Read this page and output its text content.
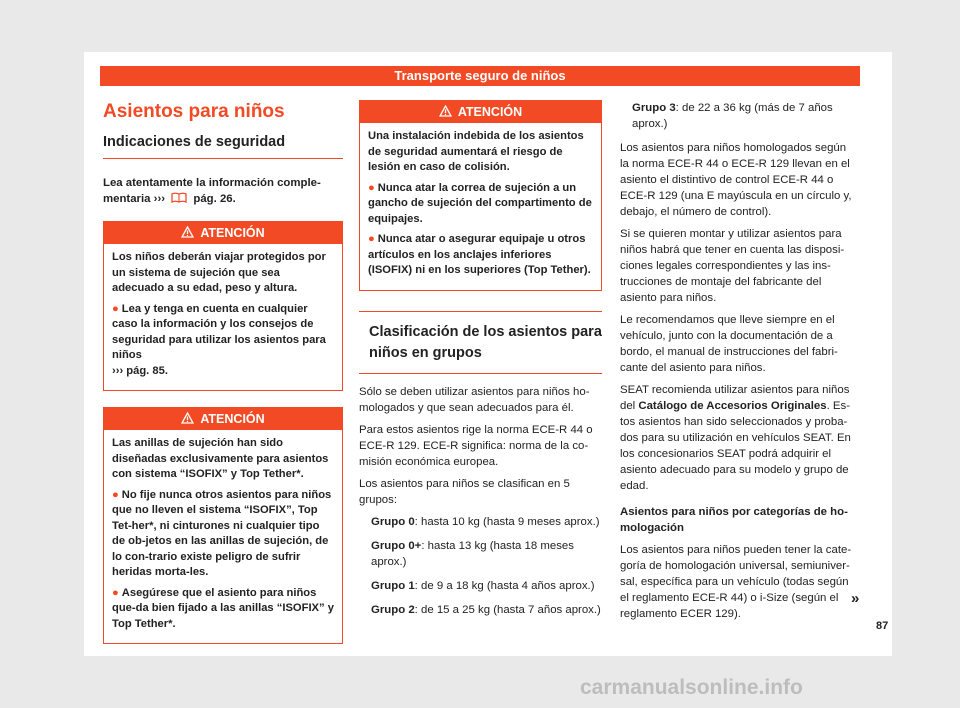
Transporte seguro de niños
Asientos para niños
Indicaciones de seguridad

Lea atentamente la información comple-mentaria ››› pág. 26.

ATENCIÓN

Los niños deberán viajar protegidos por un sistema de sujeción que sea adecuado a su edad, peso y altura.

● Lea y tenga en cuenta en cualquier caso la información y los consejos de seguridad para utilizar los asientos para niños
››› pág. 85.

ATENCIÓN

Las anillas de sujeción han sido diseñadas exclusivamente para asientos con sistema “ISOFIX” y Top Tether*.

● No fije nunca otros asientos para niños que no lleven el sistema “ISOFIX”, Top Tet-her*, ni cinturones ni cualquier tipo de ob-jetos en las anillas de sujeción, de lo con-trario existe peligro de sufrir heridas morta-les.

● Asegúrese que el asiento para niños que-da bien fijado a las anillas “ISOFIX” y Top Tether*.

ATENCIÓN

Una instalación indebida de los asientos de seguridad aumentará el riesgo de lesión en caso de colisión.

● Nunca atar la correa de sujeción a un gancho de sujeción del compartimento de equipajes.

● Nunca atar o asegurar equipaje u otros artículos en los anclajes inferiores (ISOFIX) ni en los superiores (Top Tether).

Clasificación de los asientos para niños en grupos

Sólo se deben utilizar asientos para niños ho-mologados y que sean adecuados para él.

Para estos asientos rige la norma ECE-R 44 o ECE-R 129. ECE-R significa: norma de la co-misión económica europea.

Los asientos para niños se clasifican en 5 grupos:

Grupo 0: hasta 10 kg (hasta 9 meses aprox.)

Grupo 0+: hasta 13 kg (hasta 18 meses aprox.)

Grupo 1: de 9 a 18 kg (hasta 4 años aprox.)

Grupo 2: de 15 a 25 kg (hasta 7 años aprox.)

Grupo 3: de 22 a 36 kg (más de 7 años aprox.)

Los asientos para niños homologados según la norma ECE-R 44 o ECE-R 129 llevan en el asiento el distintivo de control ECE-R 44 o ECE-R 129 (una E mayúscula en un círculo y, debajo, el número de control).

Si se quieren montar y utilizar asientos para niños habrá que tener en cuenta las disposi-ciones legales correspondientes y las ins-trucciones de montaje del fabricante del asiento para niños.

Le recomendamos que lleve siempre en el vehículo, junto con la documentación de a bordo, el manual de instrucciones del fabri-cante del asiento para niños.

SEAT recomienda utilizar asientos para niños del Catálogo de Accesorios Originales. Es-tos asientos han sido seleccionados y proba-dos para su utilización en vehículos SEAT. En los concesionarios SEAT podrá adquirir el asiento adecuado para su modelo y grupo de edad.

Asientos para niños por categorías de ho-mologación

Los asientos para niños pueden tener la cate-goría de homologación universal, semiuniver-sal, específica para un vehículo (todas según el reglamento ECE-R 44) o i-Size (según el reglamento ECER 129).

»
87
carmanualsonline.info
